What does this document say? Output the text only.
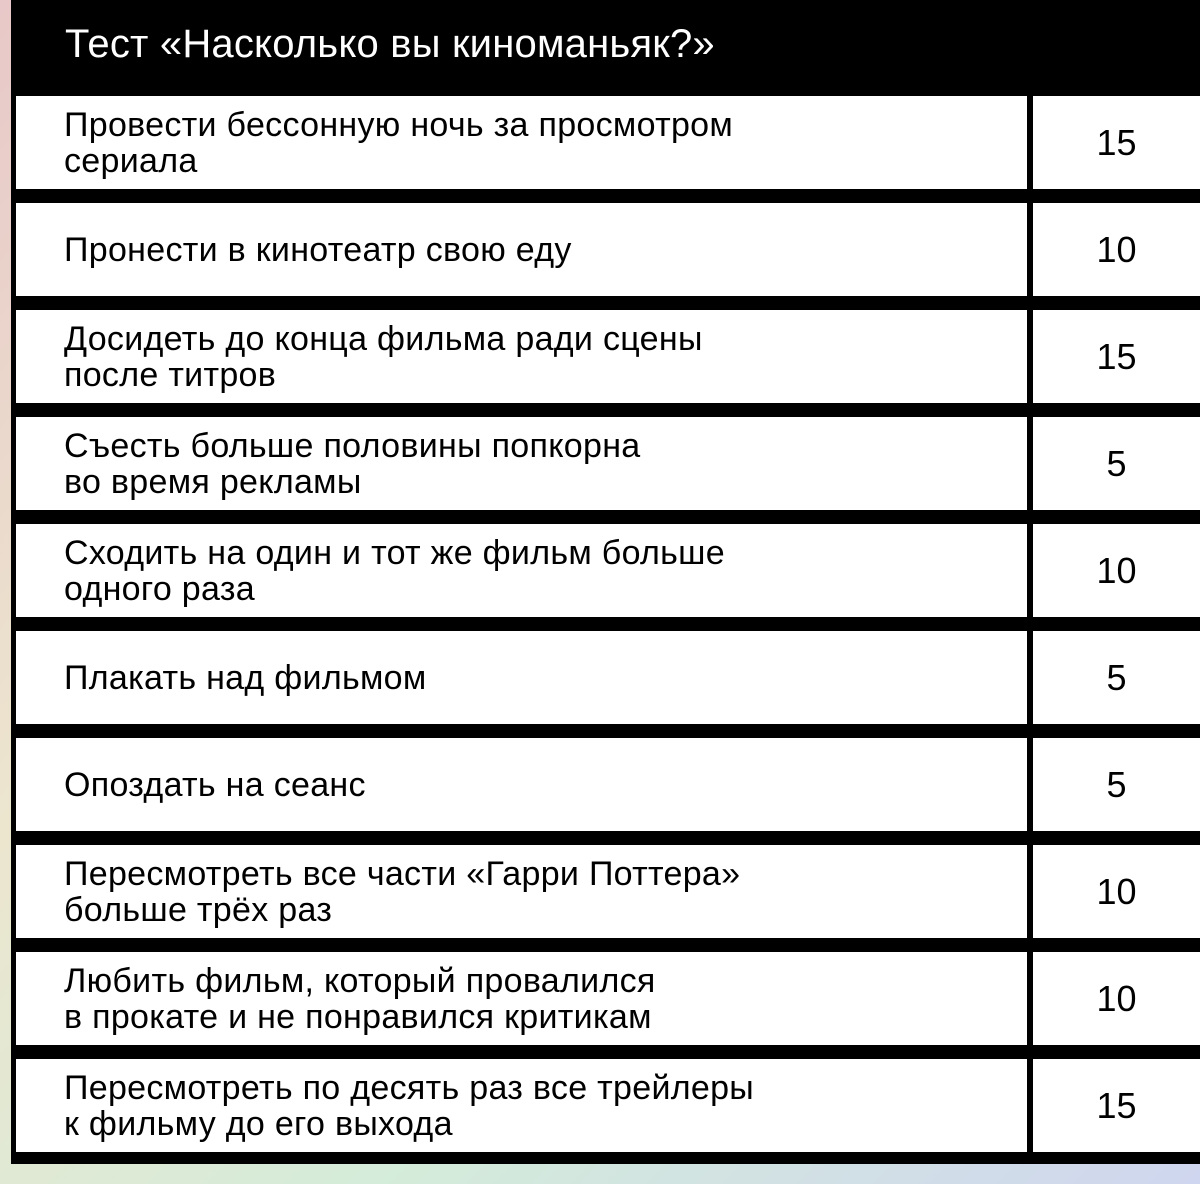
Тест «Насколько вы киноманьяк?»
Провести бессонную ночь за просмотром
сериала	15
Пронести в кинотеатр свою еду	10
Досидеть до конца фильма ради сцены
после титров	15
Съесть больше половины попкорна
во время рекламы	5
Сходить на один и тот же фильм больше
одного раза	10
Плакать над фильмом	5
Опоздать на сеанс	5
Пересмотреть все части «Гарри Поттера»
больше трёх раз	10
Любить фильм, который провалился
в прокате и не понравился критикам	10
Пересмотреть по десять раз все трейлеры
к фильму до его выхода	15
